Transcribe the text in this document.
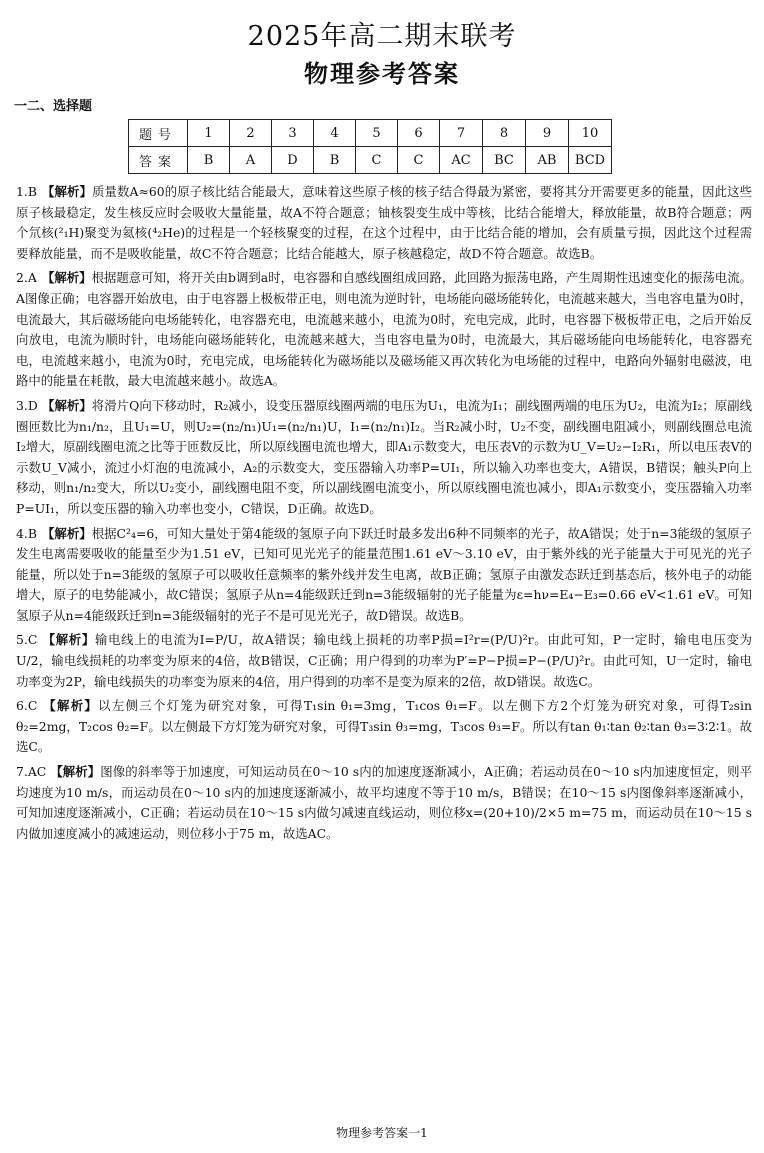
2025年高二期末联考
物理参考答案
一二、选择题
题号	1	2	3	4	5	6	7	8	9	10
答案	B	A	D	B	C	C	AC	BC	AB	BCD

1.B 【解析】质量数A≈60的原子核比结合能最大，意味着这些原子核的核子结合得最为紧密，要将其分开需要更多的能量，因此这些原子核最稳定，发生核反应时会吸收大量能量，故A不符合题意；铀核裂变生成中等核，比结合能增大，释放能量，故B符合题意；两个氘核(²₁H)聚变为氦核(⁴₂He)的过程是一个轻核聚变的过程，在这个过程中，由于比结合能的增加，会有质量亏损，因此这个过程需要释放能量，而不是吸收能量，故C不符合题意；比结合能越大，原子核越稳定，故D不符合题意。故选B。

2.A 【解析】根据题意可知，将开关由b调到a时，电容器和自感线圈组成回路，此回路为振荡电路，产生周期性迅速变化的振荡电流。A图像正确；电容器开始放电，由于电容器上极板带正电，则电流为逆时针，电场能向磁场能转化，电流越来越大，当电容电量为0时，电流最大，其后磁场能向电场能转化，电容器充电，电流越来越小，电流为0时，充电完成，此时，电容器下极板带正电，之后开始反向放电，电流为顺时针，电场能向磁场能转化，电流越来越大，当电容电量为0时，电流最大，其后磁场能向电场能转化，电容器充电，电流越来越小，电流为0时，充电完成，电场能转化为磁场能以及磁场能又再次转化为电场能的过程中，电路向外辐射电磁波，电路中的能量在耗散，最大电流越来越小。故选A。

3.D 【解析】将滑片Q向下移动时，R₂减小，设变压器原线圈两端的电压为U₁，电流为I₁；副线圈两端的电压为U₂，电流为I₂；原副线圈匝数比为n₁/n₂，且U₁=U，则U₂=(n₂/n₁)U₁=(n₂/n₁)U，I₁=(n₂/n₁)I₂。当R₂减小时，U₂不变，副线圈电阻减小，则副线圈总电流I₂增大，原副线圈电流之比等于匝数反比，所以原线圈电流也增大，即A₁示数变大，电压表V的示数为U_V=U₂−I₂R₁，所以电压表V的示数U_V减小，流过小灯泡的电流减小，A₂的示数变大，变压器输入功率P=UI₁，所以输入功率也变大，A错误，B错误；触头P向上移动，则n₁/n₂变大，所以U₂变小，副线圈电阻不变，所以副线圈电流变小，所以原线圈电流也减小，即A₁示数变小，变压器输入功率P=UI₁，所以变压器的输入功率也变小，C错误，D正确。故选D。

4.B 【解析】根据C²₄=6，可知大量处于第4能级的氢原子向下跃迁时最多发出6种不同频率的光子，故A错误；处于n=3能级的氢原子发生电离需要吸收的能量至少为1.51 eV，已知可见光光子的能量范围1.61 eV～3.10 eV，由于紫外线的光子能量大于可见光的光子能量，所以处于n=3能级的氢原子可以吸收任意频率的紫外线并发生电离，故B正确；氢原子由激发态跃迁到基态后，核外电子的动能增大，原子的电势能减小，故C错误；氢原子从n=4能级跃迁到n=3能级辐射的光子能量为ε=hν=E₄−E₃=0.66 eV<1.61 eV。可知氢原子从n=4能级跃迁到n=3能级辐射的光子不是可见光光子，故D错误。故选B。

5.C 【解析】输电线上的电流为I=P/U，故A错误；输电线上损耗的功率P损=I²r=(P/U)²r。由此可知，P一定时，输电电压变为U/2，输电线损耗的功率变为原来的4倍，故B错误，C正确；用户得到的功率为P′=P−P损=P−(P/U)²r。由此可知，U一定时，输电功率变为2P，输电线损失的功率变为原来的4倍，用户得到的功率不是变为原来的2倍，故D错误。故选C。

6.C 【解析】以左侧三个灯笼为研究对象，可得T₁sin θ₁=3mg，T₁cos θ₁=F。以左侧下方2个灯笼为研究对象，可得T₂sin θ₂=2mg，T₂cos θ₂=F。以左侧最下方灯笼为研究对象，可得T₃sin θ₃=mg，T₃cos θ₃=F。所以有tan θ₁∶tan θ₂∶tan θ₃=3∶2∶1。故选C。

7.AC 【解析】图像的斜率等于加速度，可知运动员在0～10 s内的加速度逐渐减小，A正确；若运动员在0～10 s内加速度恒定，则平均速度为10 m/s，而运动员在0～10 s内的加速度逐渐减小，故平均速度不等于10 m/s，B错误；在10～15 s内图像斜率逐渐减小，可知加速度逐渐减小，C正确；若运动员在10～15 s内做匀减速直线运动，则位移x=(20+10)/2×5 m=75 m，而运动员在10～15 s内做加速度减小的减速运动，则位移小于75 m，故选AC。

物理参考答案一1
